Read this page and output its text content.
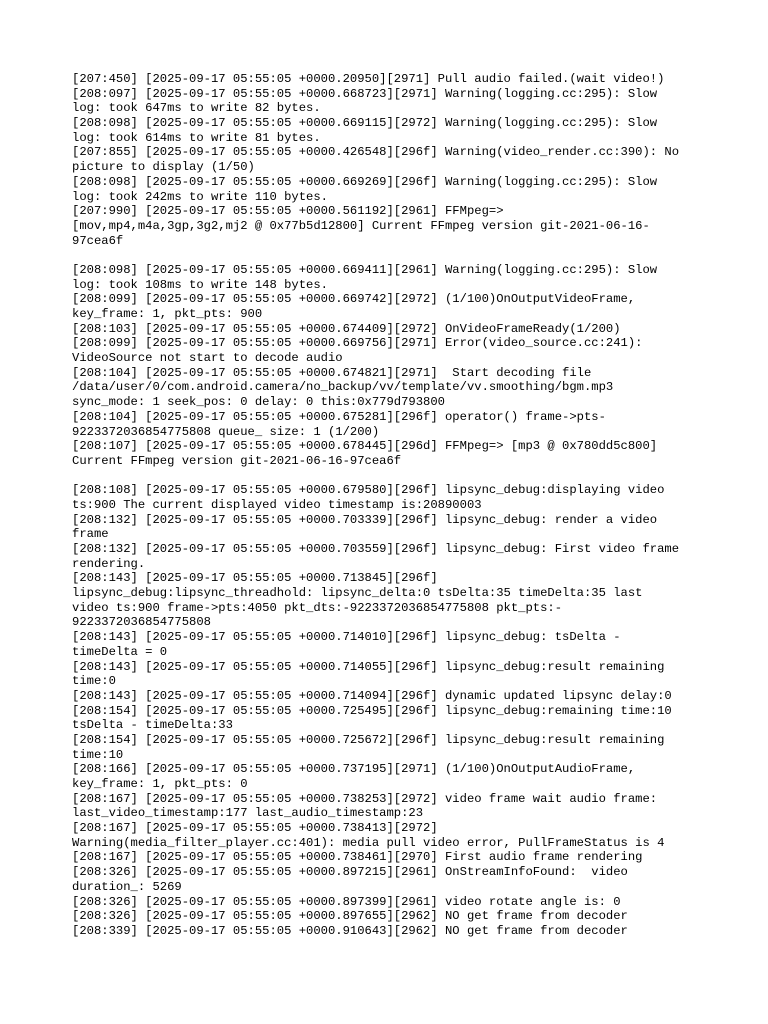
[207:450] [2025-09-17 05:55:05 +0000.20950][2971] Pull audio failed.(wait video!)
[208:097] [2025-09-17 05:55:05 +0000.668723][2971] Warning(logging.cc:295): Slow
log: took 647ms to write 82 bytes.
[208:098] [2025-09-17 05:55:05 +0000.669115][2972] Warning(logging.cc:295): Slow
log: took 614ms to write 81 bytes.
[207:855] [2025-09-17 05:55:05 +0000.426548][296f] Warning(video_render.cc:390): No
picture to display (1/50)
[208:098] [2025-09-17 05:55:05 +0000.669269][296f] Warning(logging.cc:295): Slow
log: took 242ms to write 110 bytes.
[207:990] [2025-09-17 05:55:05 +0000.561192][2961] FFMpeg=>
[mov,mp4,m4a,3gp,3g2,mj2 @ 0x77b5d12800] Current FFmpeg version git-2021-06-16-
97cea6f
[208:098] [2025-09-17 05:55:05 +0000.669411][2961] Warning(logging.cc:295): Slow
log: took 108ms to write 148 bytes.
[208:099] [2025-09-17 05:55:05 +0000.669742][2972] (1/100)OnOutputVideoFrame,
key_frame: 1, pkt_pts: 900
[208:103] [2025-09-17 05:55:05 +0000.674409][2972] OnVideoFrameReady(1/200)
[208:099] [2025-09-17 05:55:05 +0000.669756][2971] Error(video_source.cc:241):
VideoSource not start to decode audio
[208:104] [2025-09-17 05:55:05 +0000.674821][2971]  Start decoding file
/data/user/0/com.android.camera/no_backup/vv/template/vv.smoothing/bgm.mp3
sync_mode: 1 seek_pos: 0 delay: 0 this:0x779d793800
[208:104] [2025-09-17 05:55:05 +0000.675281][296f] operator() frame->pts-
9223372036854775808 queue_ size: 1 (1/200)
[208:107] [2025-09-17 05:55:05 +0000.678445][296d] FFMpeg=> [mp3 @ 0x780dd5c800]
Current FFmpeg version git-2021-06-16-97cea6f
[208:108] [2025-09-17 05:55:05 +0000.679580][296f] lipsync_debug:displaying video
ts:900 The current displayed video timestamp is:20890003
[208:132] [2025-09-17 05:55:05 +0000.703339][296f] lipsync_debug: render a video
frame
[208:132] [2025-09-17 05:55:05 +0000.703559][296f] lipsync_debug: First video frame
rendering.
[208:143] [2025-09-17 05:55:05 +0000.713845][296f]
lipsync_debug:lipsync_threadhold: lipsync_delta:0 tsDelta:35 timeDelta:35 last
video ts:900 frame->pts:4050 pkt_dts:-9223372036854775808 pkt_pts:-
9223372036854775808
[208:143] [2025-09-17 05:55:05 +0000.714010][296f] lipsync_debug: tsDelta -
timeDelta = 0
[208:143] [2025-09-17 05:55:05 +0000.714055][296f] lipsync_debug:result remaining
time:0
[208:143] [2025-09-17 05:55:05 +0000.714094][296f] dynamic updated lipsync delay:0
[208:154] [2025-09-17 05:55:05 +0000.725495][296f] lipsync_debug:remaining time:10
tsDelta - timeDelta:33
[208:154] [2025-09-17 05:55:05 +0000.725672][296f] lipsync_debug:result remaining
time:10
[208:166] [2025-09-17 05:55:05 +0000.737195][2971] (1/100)OnOutputAudioFrame,
key_frame: 1, pkt_pts: 0
[208:167] [2025-09-17 05:55:05 +0000.738253][2972] video frame wait audio frame:
last_video_timestamp:177 last_audio_timestamp:23
[208:167] [2025-09-17 05:55:05 +0000.738413][2972]
Warning(media_filter_player.cc:401): media pull video error, PullFrameStatus is 4
[208:167] [2025-09-17 05:55:05 +0000.738461][2970] First audio frame rendering
[208:326] [2025-09-17 05:55:05 +0000.897215][2961] OnStreamInfoFound:  video
duration_: 5269
[208:326] [2025-09-17 05:55:05 +0000.897399][2961] video rotate angle is: 0
[208:326] [2025-09-17 05:55:05 +0000.897655][2962] NO get frame from decoder
[208:339] [2025-09-17 05:55:05 +0000.910643][2962] NO get frame from decoder
